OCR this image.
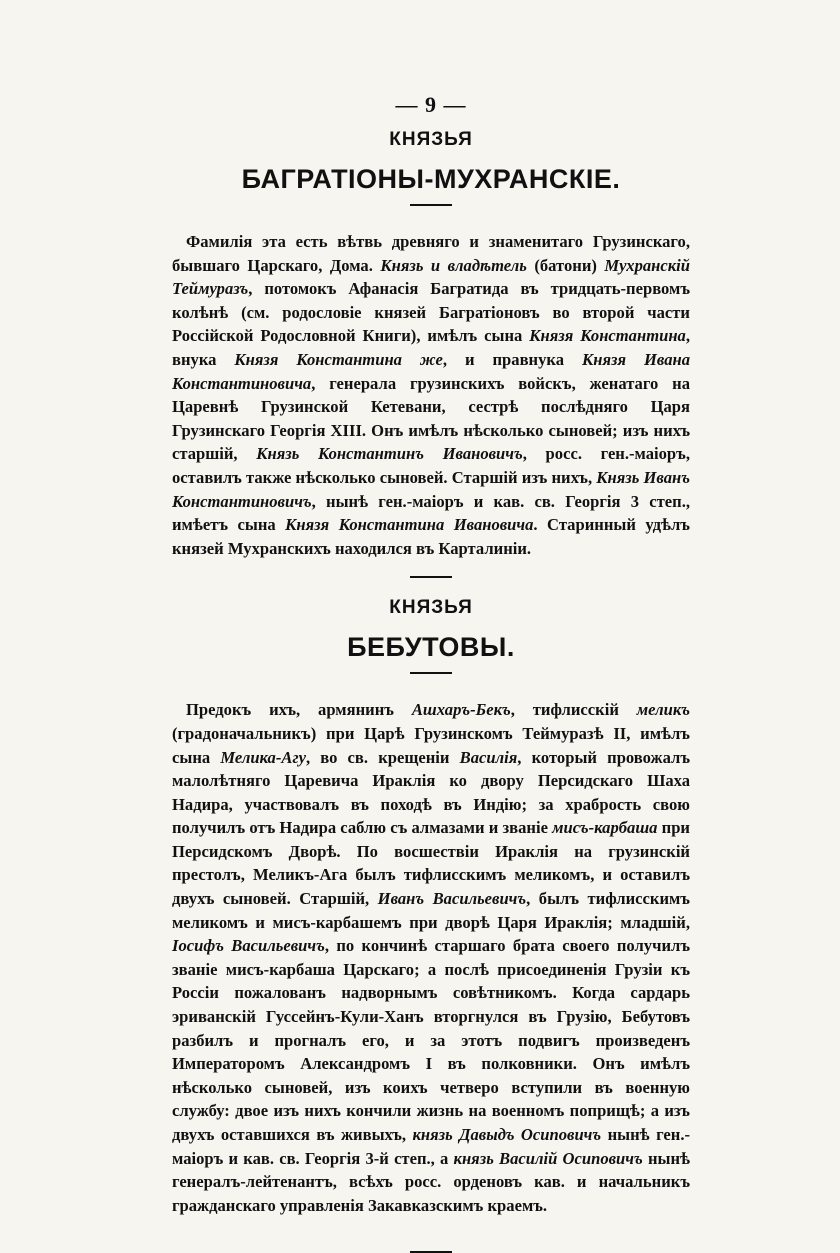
— 9 —
КНЯЗЬЯ
БАГРАТІОНЫ-МУХРАНСКІЕ.

Фамилія эта есть вѣтвь древняго и знаменитаго Грузинскаго, бывшаго Царскаго, Дома. Князь и владѣтель (батони) Мухранскій Теймуразъ, потомокъ Афанасія Багратида въ тридцать-первомъ колѣнѣ (см. родословіе князей Багратіоновъ во второй части Россійской Родословной Книги), имѣлъ сына Князя Константина, внука Князя Константина же, и правнука Князя Ивана Константиновича, генерала грузинскихъ войскъ, женатаго на Царевнѣ Грузинской Кетевани, сестрѣ послѣдняго Царя Грузинскаго Георгія XIII. Онъ имѣлъ нѣсколько сыновей; изъ нихъ старшій, Князь Константинъ Ивановичъ, росс. ген.-маіоръ, оставилъ также нѣсколько сыновей. Старшій изъ нихъ, Князь Иванъ Константиновичъ, нынѣ ген.-маіоръ и кав. св. Георгія 3 степ., имѣетъ сына Князя Константина Ивановича. Старинный удѣлъ князей Мухранскихъ находился въ Карталиніи.

КНЯЗЬЯ
БЕБУТОВЫ.

Предокъ ихъ, армянинъ Ашхаръ-Бекъ, тифлисскій меликъ (градоначальникъ) при Царѣ Грузинскомъ Теймуразѣ II, имѣлъ сына Мелика-Агу, во св. крещеніи Василія, который провожалъ малолѣтняго Царевича Ираклія ко двору Персидскаго Шаха Надира, участвовалъ въ походѣ въ Индію; за храбрость свою получилъ отъ Надира саблю съ алмазами и званіе мисъ-карбаша при Персидскомъ Дворѣ. По восшествіи Ираклія на грузинскій престолъ, Меликъ-Ага былъ тифлисскимъ меликомъ, и оставилъ двухъ сыновей. Старшій, Иванъ Васильевичъ, былъ тифлисскимъ меликомъ и мисъ-карбашемъ при дворѣ Царя Ираклія; младшій, Іосифъ Васильевичъ, по кончинѣ старшаго брата своего получилъ званіе мисъ-карбаша Царскаго; а послѣ присоединенія Грузіи къ Россіи пожалованъ надворнымъ совѣтникомъ. Когда сардарь эриванскій Гуссейнъ-Кули-Ханъ вторгнулся въ Грузію, Бебутовъ разбилъ и прогналъ его, и за этотъ подвигъ произведенъ Императоромъ Александромъ I въ полковники. Онъ имѣлъ нѣсколько сыновей, изъ коихъ четверо вступили въ военную службу: двое изъ нихъ кончили жизнь на военномъ поприщѣ; а изъ двухъ оставшихся въ живыхъ, князь Давыдъ Осиповичъ нынѣ ген.-маіоръ и кав. св. Георгія 3-й степ., а князь Василій Осиповичъ нынѣ генералъ-лейтенантъ, всѣхъ росс. орденовъ кав. и начальникъ гражданскаго управленія Закавказскимъ краемъ.
